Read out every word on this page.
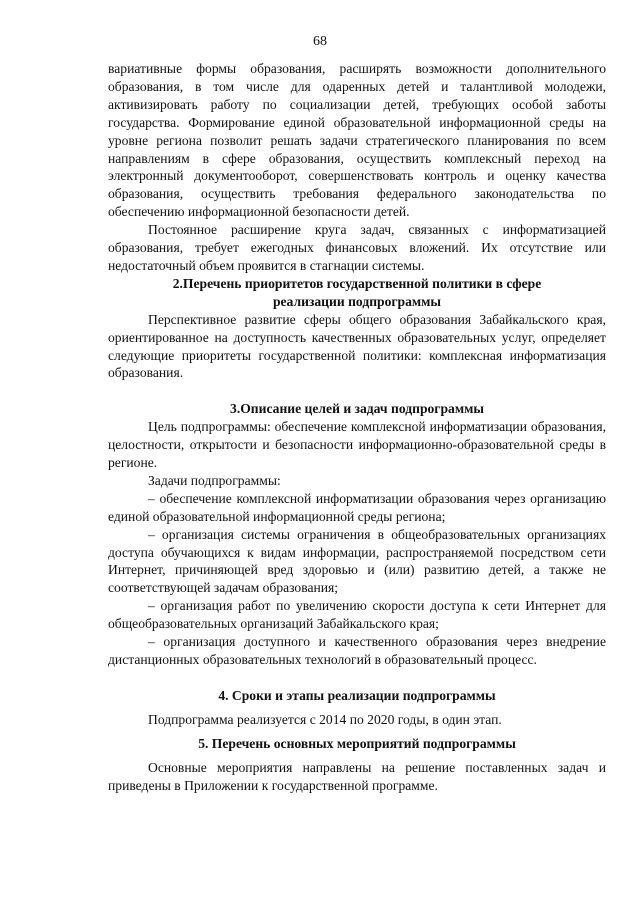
68

вариативные формы образования, расширять возможности дополнительного образования, в том числе для одаренных детей и талантливой молодежи, активизировать работу по социализации детей, требующих особой заботы государства. Формирование единой образовательной информационной среды на уровне региона позволит решать задачи стратегического планирования по всем направлениям в сфере образования, осуществить комплексный переход на электронный документооборот, совершенствовать контроль и оценку качества образования, осуществить требования федерального законодательства по обеспечению информационной безопасности детей.

Постоянное расширение круга задач, связанных с информатизацией образования, требует ежегодных финансовых вложений. Их отсутствие или недостаточный объем проявится в стагнации системы.

2.Перечень приоритетов государственной политики в сфере реализации подпрограммы

Перспективное развитие сферы общего образования Забайкальского края, ориентированное на доступность качественных образовательных услуг, определяет следующие приоритеты государственной политики: комплексная информатизация образования.

3.Описание целей и задач подпрограммы

Цель подпрограммы: обеспечение комплексной информатизации образования, целостности, открытости и безопасности информационно-образовательной среды в регионе.

Задачи подпрограммы:

– обеспечение комплексной информатизации образования через организацию единой образовательной информационной среды региона;

– организация системы ограничения в общеобразовательных организациях доступа обучающихся к видам информации, распространяемой посредством сети Интернет, причиняющей вред здоровью и (или) развитию детей, а также не соответствующей задачам образования;

– организация работ по увеличению скорости доступа к сети Интернет для общеобразовательных организаций Забайкальского края;

– организация доступного и качественного образования через внедрение дистанционных образовательных технологий в образовательный процесс.

4. Сроки и этапы реализации подпрограммы

Подпрограмма реализуется с 2014 по 2020 годы, в один этап.

5. Перечень основных мероприятий подпрограммы

Основные мероприятия направлены на решение поставленных задач и приведены в Приложении к государственной программе.
